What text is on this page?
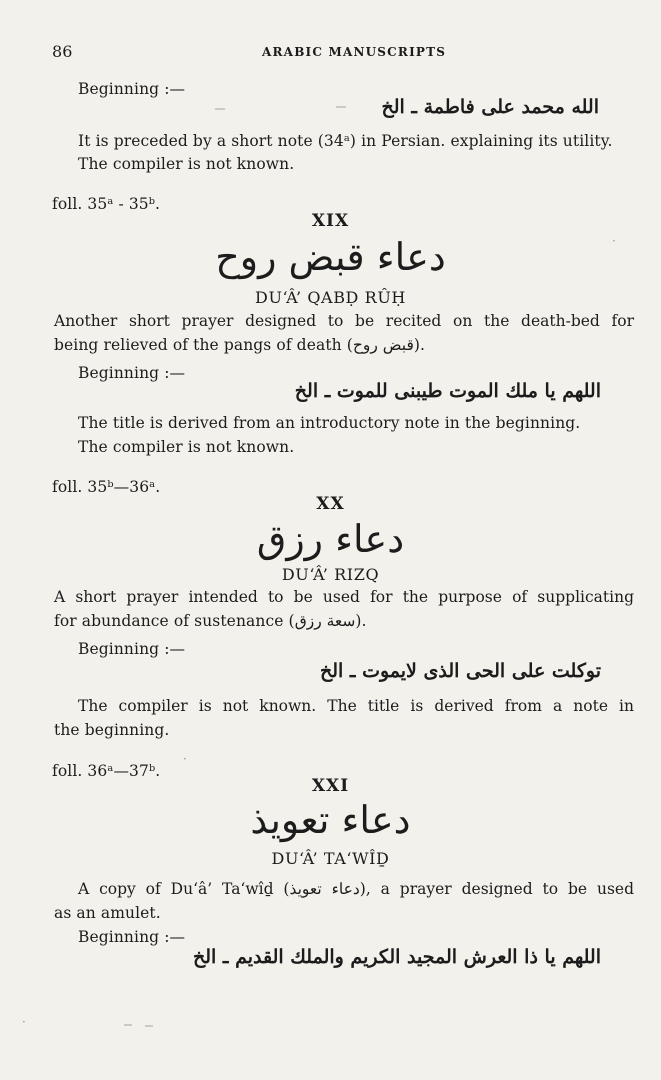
86	ARABIC MANUSCRIPTS
Beginning :—
الله محمد على فاطمة ـ الخ
It is preceded by a short note (34ᵃ) in Persian. explaining its utility.
The compiler is not known.
foll. 35ᵃ - 35ᵇ.
XIX
دعاء قبض روح
DU‘Â’ QABḌ RÛḤ
Another short prayer designed to be recited on the death-bed for
being relieved of the pangs of death (قبض روح).
Beginning :—
اللهم يا ملك الموت طيبنى للموت ـ الخ
The title is derived from an introductory note in the beginning.
The compiler is not known.
foll. 35ᵇ—36ᵃ.
XX
دعاء رزق
DU‘Â’ RIZQ
A short prayer intended to be used for the purpose of supplicating
for abundance of sustenance (سعة رزق).
Beginning :—
توكلت على الحى الذى لايموت ـ الخ
The compiler is not known. The title is derived from a note in
the beginning.
foll. 36ᵃ—37ᵇ.
XXI
دعاء تعويذ
DU‘Â’ TA‘WÎḎ
A copy of Du‘â’ Ta‘wîḏ (دعاء تعويذ), a prayer designed to be used
as an amulet.
Beginning :—
اللهم يا ذا العرش المجيد الكريم والملك القديم ـ الخ
·
·
·
